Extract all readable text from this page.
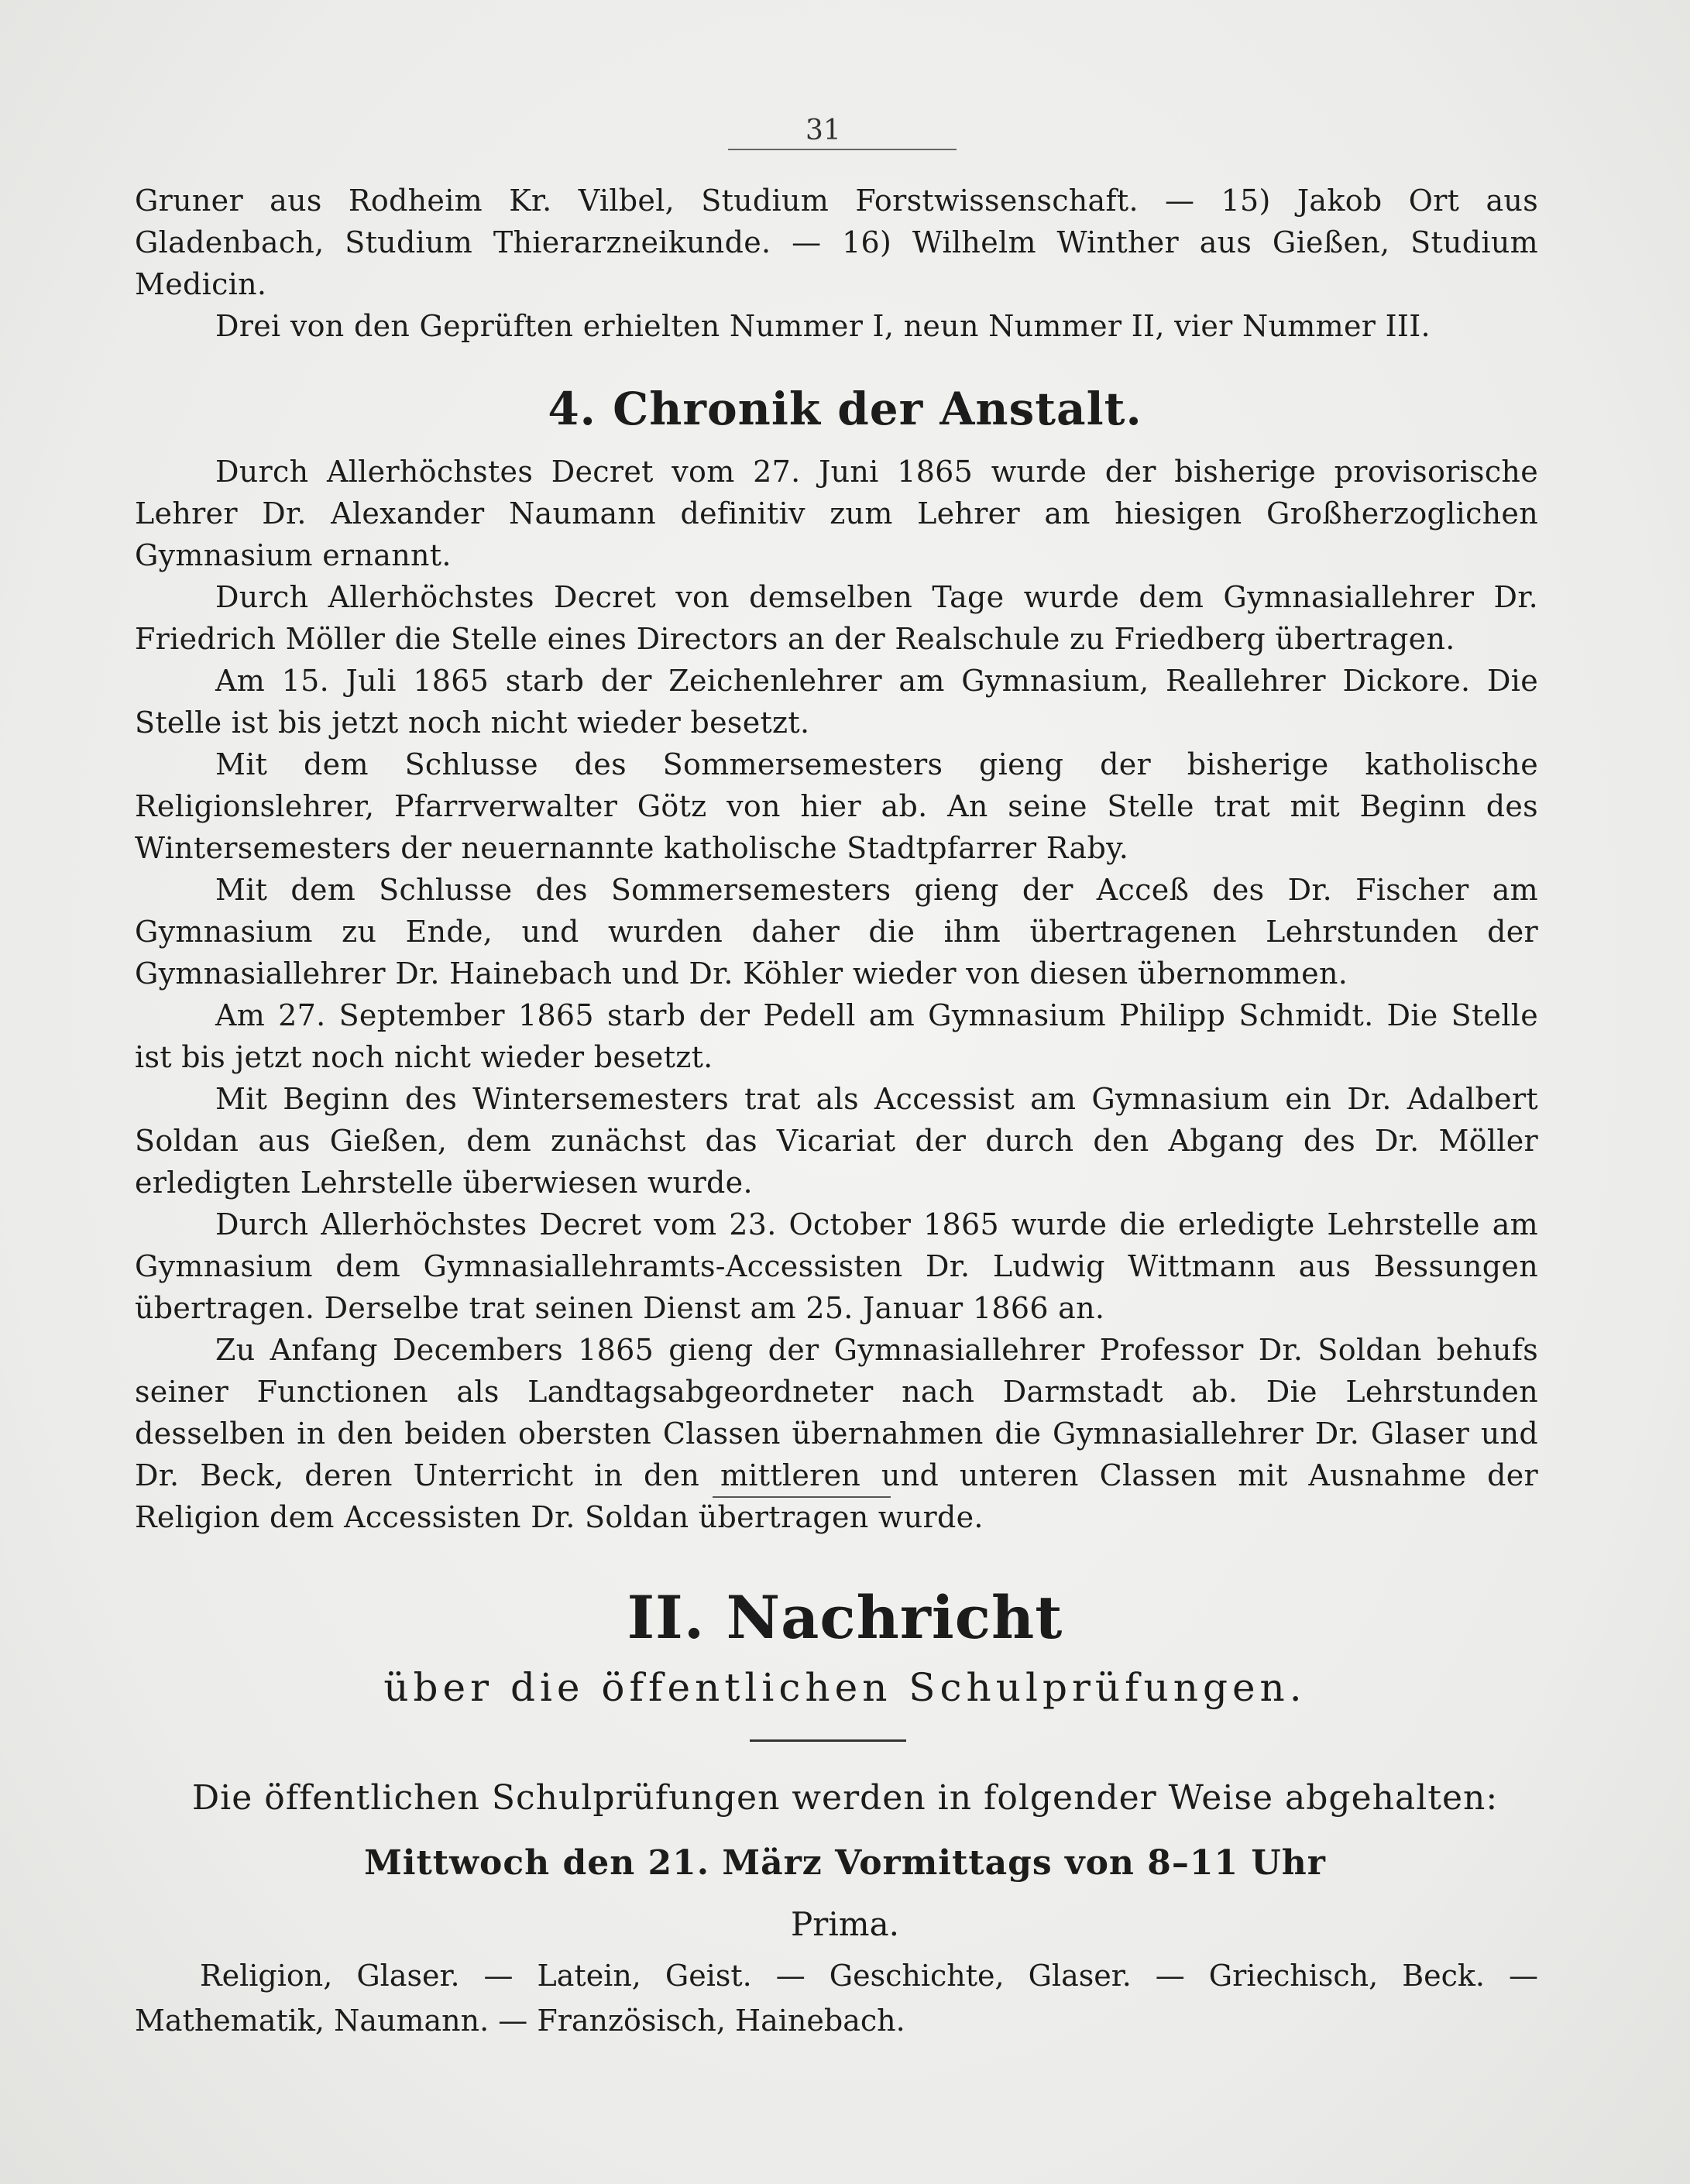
31

Gruner aus Rodheim Kr. Vilbel, Studium Forstwissenschaft. — 15) Jakob Ort aus Gladenbach, Studium Thierarzneikunde. — 16) Wilhelm Winther aus Gießen, Studium Medicin.

Drei von den Geprüften erhielten Nummer I, neun Nummer II, vier Nummer III.

4. Chronik der Anstalt.

Durch Allerhöchstes Decret vom 27. Juni 1865 wurde der bisherige provisorische Lehrer Dr. Alexander Naumann definitiv zum Lehrer am hiesigen Großherzoglichen Gymnasium ernannt.

Durch Allerhöchstes Decret von demselben Tage wurde dem Gymnasiallehrer Dr. Friedrich Möller die Stelle eines Directors an der Realschule zu Friedberg übertragen.

Am 15. Juli 1865 starb der Zeichenlehrer am Gymnasium, Reallehrer Dickore. Die Stelle ist bis jetzt noch nicht wieder besetzt.

Mit dem Schlusse des Sommersemesters gieng der bisherige katholische Religionslehrer, Pfarrverwalter Götz von hier ab. An seine Stelle trat mit Beginn des Wintersemesters der neuernannte katholische Stadtpfarrer Raby.

Mit dem Schlusse des Sommersemesters gieng der Acceß des Dr. Fischer am Gymnasium zu Ende, und wurden daher die ihm übertragenen Lehrstunden der Gymnasiallehrer Dr. Hainebach und Dr. Köhler wieder von diesen übernommen.

Am 27. September 1865 starb der Pedell am Gymnasium Philipp Schmidt. Die Stelle ist bis jetzt noch nicht wieder besetzt.

Mit Beginn des Wintersemesters trat als Accessist am Gymnasium ein Dr. Adalbert Soldan aus Gießen, dem zunächst das Vicariat der durch den Abgang des Dr. Möller erledigten Lehrstelle überwiesen wurde.

Durch Allerhöchstes Decret vom 23. October 1865 wurde die erledigte Lehrstelle am Gymnasium dem Gymnasiallehramts-Accessisten Dr. Ludwig Wittmann aus Bessungen übertragen. Derselbe trat seinen Dienst am 25. Januar 1866 an.

Zu Anfang Decembers 1865 gieng der Gymnasiallehrer Professor Dr. Soldan behufs seiner Functionen als Landtagsabgeordneter nach Darmstadt ab. Die Lehrstunden desselben in den beiden obersten Classen übernahmen die Gymnasiallehrer Dr. Glaser und Dr. Beck, deren Unterricht in den mittleren und unteren Classen mit Ausnahme der Religion dem Accessisten Dr. Soldan übertragen wurde.

II. Nachricht
über die öffentlichen Schulprüfungen.
Die öffentlichen Schulprüfungen werden in folgender Weise abgehalten:
Mittwoch den 21. März Vormittags von 8–11 Uhr
Prima.

Religion, Glaser. — Latein, Geist. — Geschichte, Glaser. — Griechisch, Beck. — Mathematik, Naumann. — Französisch, Hainebach.
